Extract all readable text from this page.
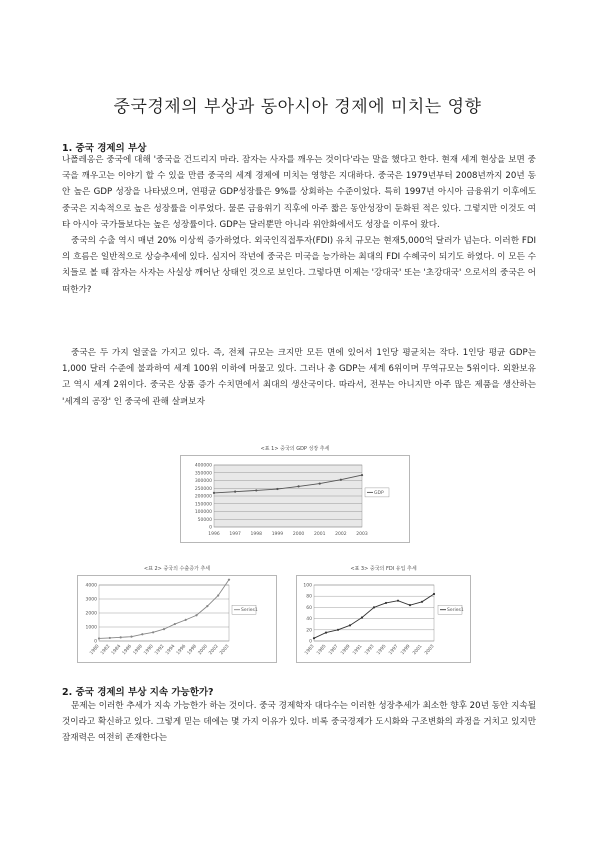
중국경제의 부상과 동아시아 경제에 미치는 영향
1. 중국 경제의 부상

나폴레옹은 중국에 대해 '중국을 건드리지 마라. 잠자는 사자를 깨우는 것이다'라는 말을 했다고 한다. 현재 세계 현상을 보면 중국을 깨우고는 이야기 할 수 있을 만큼 중국의 세계 경제에 미치는 영향은 지대하다. 중국은 1979년부터 2008년까지 20년 동안 높은 GDP 성장을 나타냈으며, 연평균 GDP성장률은 9%를 상회하는 수준이었다. 특히 1997년 아시아 금융위기 이후에도 중국은 지속적으로 높은 성장률을 이루었다. 물론 금융위기 직후에 아주 짧은 동안성장이 둔화된 적은 있다. 그렇지만 이것도 여타 아시아 국가들보다는 높은 성장률이다. GDP는 달러뿐만 아니라 위안화에서도 성장을 이루어 왔다.

중국의 수출 역시 매년 20% 이상씩 증가하였다. 외국인직접투자(FDI) 유치 규모는 현재5,000억 달러가 넘는다. 이러한 FDI의 흐름은 일반적으로 상승추세에 있다. 심지어 작년에 중국은 미국을 능가하는 최대의 FDI 수혜국이 되기도 하였다. 이 모든 수치들로 볼 때 잠자는 사자는 사실상 깨어난 상태인 것으로 보인다. 그렇다면 이제는 '강대국' 또는 '초강대국' 으로서의 중국은 어떠한가?

중국은 두 가지 얼굴을 가지고 있다. 즉, 전체 규모는 크지만 모든 면에 있어서 1인당 평균치는 작다. 1인당 평균 GDP는 1,000 달러 수준에 불과하여 세계 100위 이하에 머물고 있다. 그러나 총 GDP는 세계 6위이며 무역규모는 5위이다. 외환보유고 역시 세계 2위이다. 중국은 상품 증가 수치면에서 최대의 생산국이다. 따라서, 전부는 아니지만 아주 많은 제품을 생산하는 '세계의 공장' 인 중국에 관해 살펴보자

<표 1> 중국의 GDP 성장 추세
0
50000
100000
150000
200000
250000
300000
350000
400000
1996 1997 1998 1999 2000 2001 2002 2003
GDP
<표 2> 중국의 수출증가 추세
0
1000
2000
3000
4000
1980 1982 1984 1986 1988 1990 1992 1994 1996 1998 2000 2002 2003
Series1
<표 3> 중국의 FDI 유입 추세
0
20
40
60
80
100
1983 1985 1987 1989 1991 1993 1995 1997 1999 2001 2003
Series1
2. 중국 경제의 부상 지속 가능한가?

문제는 이러한 추세가 지속 가능한가 하는 것이다. 중국 경제학자 대다수는 이러한 성장추세가 최소한 향후 20년 동안 지속될 것이라고 확신하고 있다. 그렇게 믿는 데에는 몇 가지 이유가 있다. 비록 중국경제가 도시화와 구조변화의 과정을 거치고 있지만 잠재력은 여전히 존재한다는
